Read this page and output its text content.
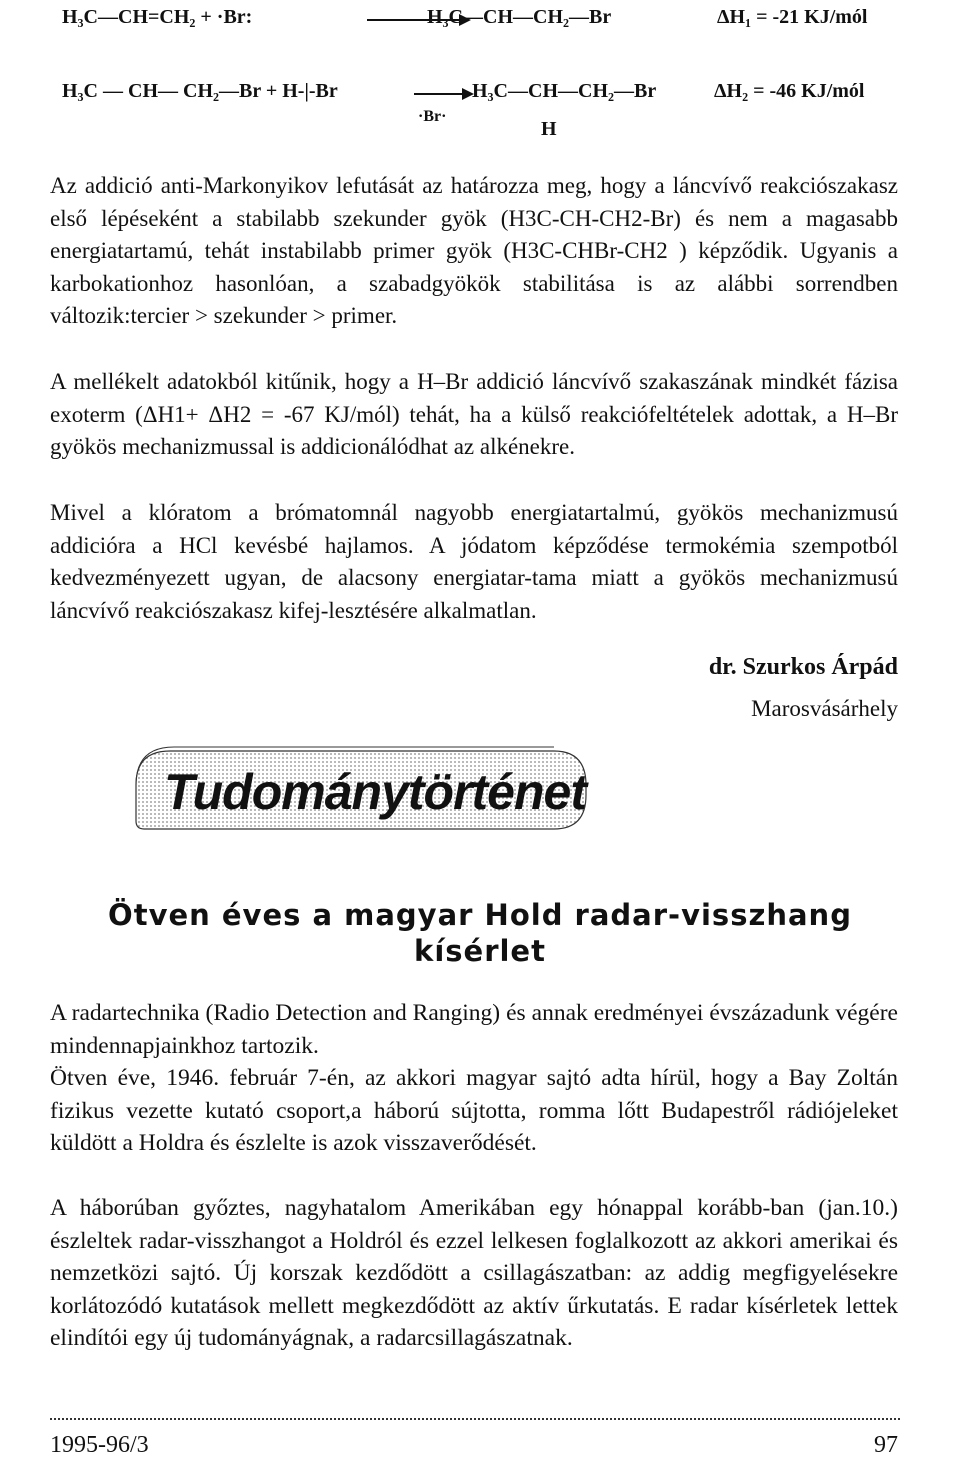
H₃C—CH=CH₂ + ·Br:	H₃C—CH—CH₂—Br	ΔH₁ = -21 KJ/mól
H₃C — CH— CH₂—Br + H-|-Br	→ H₃C—CH—CH₂—Br	ΔH₂ = -46 KJ/mól
·Br·
H

Az addició anti-Markonyikov lefutását az határozza meg, hogy a láncvívő reakciószakasz első lépéseként a stabilabb szekunder gyök (H3C-CH-CH2-Br) és nem a magasabb energiatartamú, tehát instabilabb primer gyök (H3C-CHBr-CH2 ) képződik. Ugyanis a karbokationhoz hasonlóan, a szabadgyökök stabilitása is az alábbi sorrendben változik:tercier > szekunder > primer.

A mellékelt adatokból kitűnik, hogy a H–Br addició láncvívő szakaszának mindkét fázisa exoterm (ΔH1+ ΔH2 = -67 KJ/mól) tehát, ha a külső reakciófeltételek adottak, a H–Br gyökös mechanizmussal is addicionálódhat az alkénekre.

Mivel a klóratom a brómatomnál nagyobb energiatartalmú, gyökös mechanizmusú addicióra a HCl kevésbé hajlamos. A jódatom képződése termokémia szempotból kedvezményezett ugyan, de alacsony energiatar-tama miatt a gyökös mechanizmusú láncvívő reakciószakasz kifej-lesztésére alkalmatlan.

dr. Szurkos Árpád
Marosvásárhely
Tudománytörténet
Ötven éves a magyar Hold radar-visszhang
kísérlet

A radartechnika (Radio Detection and Ranging) és annak eredményei évszázadunk végére mindennapjainkhoz tartozik.

Ötven éve, 1946. február 7-én, az akkori magyar sajtó adta hírül, hogy a Bay Zoltán fizikus vezette kutató csoport,a háború sújtotta, romma lőtt Budapestről rádiójeleket küldött a Holdra és észlelte is azok visszaverődését.

A háborúban győztes, nagyhatalom Amerikában egy hónappal korább-ban (jan.10.) észleltek radar-visszhangot a Holdról és ezzel lelkesen foglalkozott az akkori amerikai és nemzetközi sajtó. Új korszak kezdődött a csillagászatban: az addig megfigyelésekre korlátozódó kutatások mellett megkezdődött az aktív űrkutatás. E radar kísérletek lettek elindítói egy új tudományágnak, a radarcsillagászatnak.

1995-96/3	97
